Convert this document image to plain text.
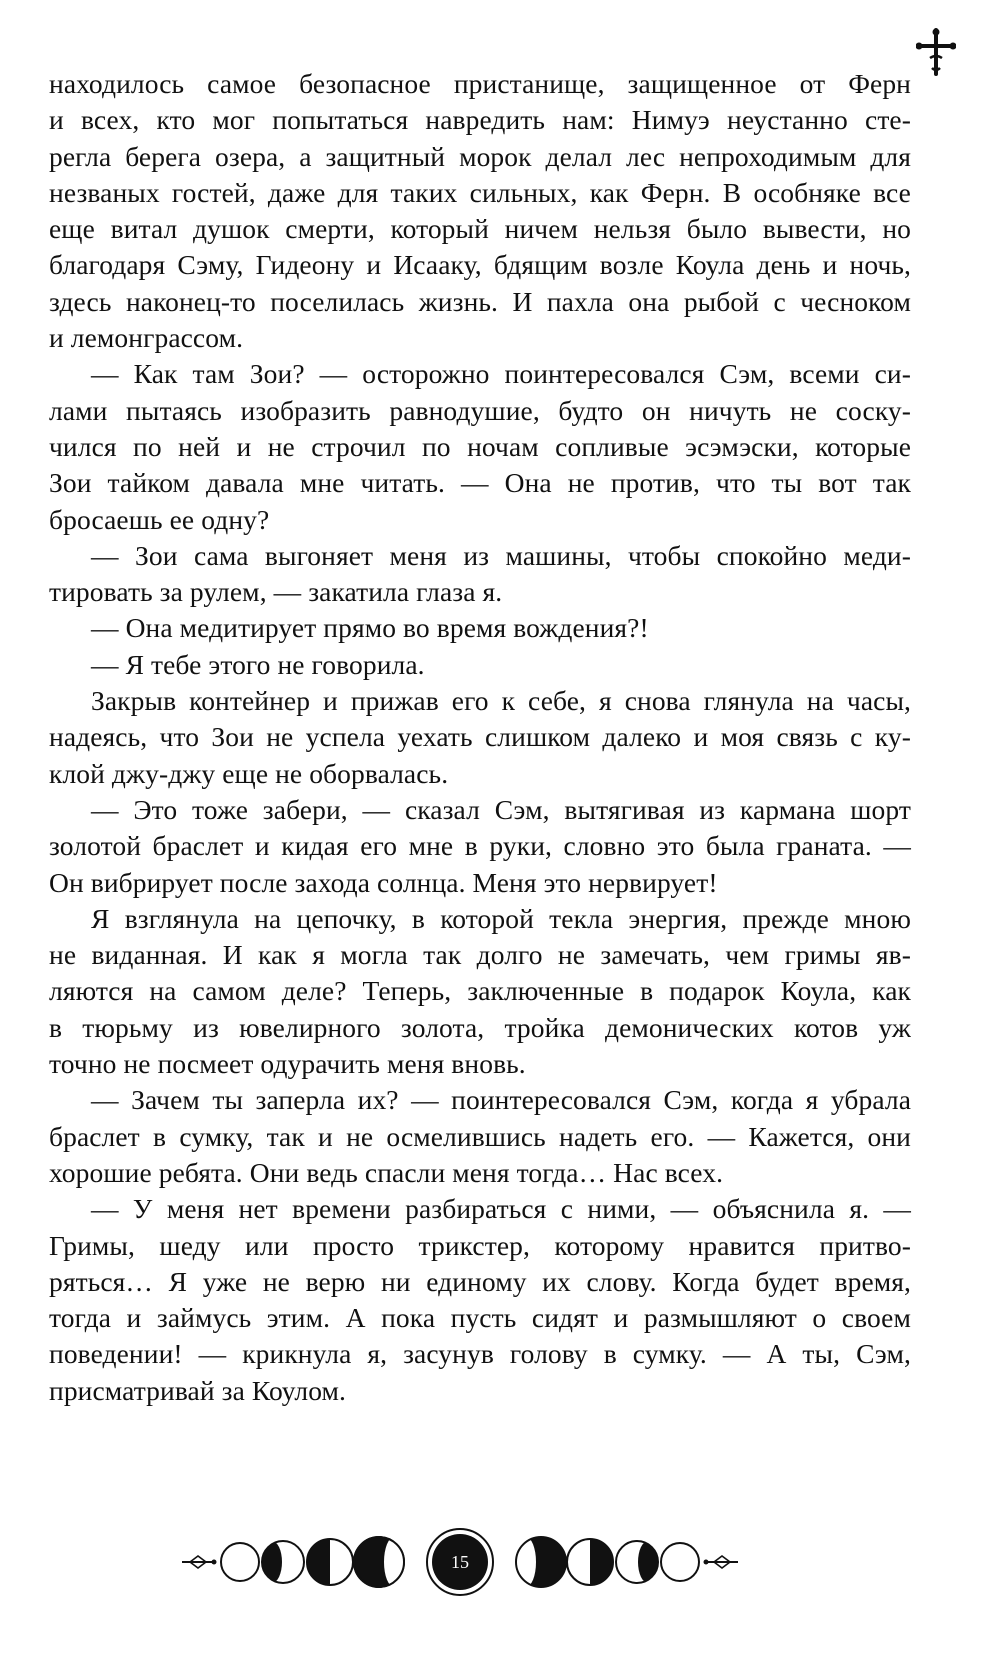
находилось самое безопасное пристанище, защищенное от Ферн
и всех, кто мог попытаться навредить нам: Нимуэ неустанно сте-
регла берега озера, а защитный морок делал лес непроходимым для
незваных гостей, даже для таких сильных, как Ферн. В особняке все
еще витал душок смерти, который ничем нельзя было вывести, но
благодаря Сэму, Гидеону и Исааку, бдящим возле Коула день и ночь,
здесь наконец-то поселилась жизнь. И пахла она рыбой с чесноком
и лемонграссом.
— Как там Зои? — осторожно поинтересовался Сэм, всеми си-
лами пытаясь изобразить равнодушие, будто он ничуть не соску-
чился по ней и не строчил по ночам сопливые эсэмэски, которые
Зои тайком давала мне читать. — Она не против, что ты вот так
бросаешь ее одну?
— Зои сама выгоняет меня из машины, чтобы спокойно меди-
тировать за рулем, — закатила глаза я.
— Она медитирует прямо во время вождения?!
— Я тебе этого не говорила.
Закрыв контейнер и прижав его к себе, я снова глянула на часы,
надеясь, что Зои не успела уехать слишком далеко и моя связь с ку-
клой джу-джу еще не оборвалась.
— Это тоже забери, — сказал Сэм, вытягивая из кармана шорт
золотой браслет и кидая его мне в руки, словно это была граната. —
Он вибрирует после захода солнца. Меня это нервирует!
Я взглянула на цепочку, в которой текла энергия, прежде мною
не виданная. И как я могла так долго не замечать, чем гримы яв-
ляются на самом деле? Теперь, заключенные в подарок Коула, как
в тюрьму из ювелирного золота, тройка демонических котов уж
точно не посмеет одурачить меня вновь.
— Зачем ты заперла их? — поинтересовался Сэм, когда я убрала
браслет в сумку, так и не осмелившись надеть его. — Кажется, они
хорошие ребята. Они ведь спасли меня тогда… Нас всех.
— У меня нет времени разбираться с ними, — объяснила я. —
Гримы, шеду или просто трикстер, которому нравится притво-
ряться… Я уже не верю ни единому их слову. Когда будет время,
тогда и займусь этим. А пока пусть сидят и размышляют о своем
поведении! — крикнула я, засунув голову в сумку. — А ты, Сэм,
присматривай за Коулом.
15
